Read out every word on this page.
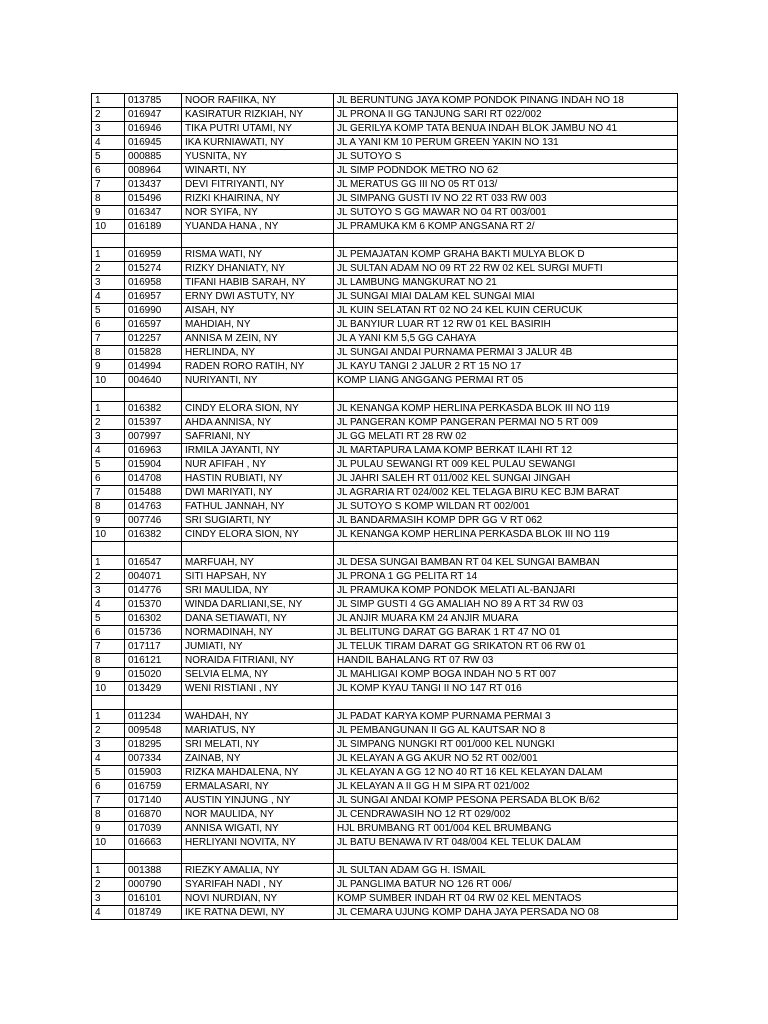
1	013785	NOOR RAFIIKA, NY	JL BERUNTUNG JAYA KOMP PONDOK PINANG INDAH NO 18
2	016947	KASIRATUR RIZKIAH, NY	JL PRONA II GG TANJUNG SARI RT 022/002
3	016946	TIKA PUTRI UTAMI, NY	JL GERILYA KOMP TATA BENUA INDAH BLOK JAMBU NO 41
4	016945	IKA KURNIAWATI, NY	JL A YANI KM 10 PERUM GREEN YAKIN NO 131
5	000885	YUSNITA, NY	JL SUTOYO S
6	008964	WINARTI, NY	JL SIMP PODNDOK METRO NO 62
7	013437	DEVI FITRIYANTI, NY	JL MERATUS GG III NO 05 RT 013/
8	015496	RIZKI KHAIRINA, NY	JL SIMPANG GUSTI IV NO 22 RT 033 RW 003
9	016347	NOR SYIFA, NY	JL SUTOYO S GG MAWAR NO 04 RT 003/001
10	016189	YUANDA HANA , NY	JL PRAMUKA KM 6 KOMP ANGSANA RT 2/

1	016959	RISMA WATI, NY	JL PEMAJATAN KOMP GRAHA BAKTI MULYA BLOK D
2	015274	RIZKY DHANIATY, NY	JL SULTAN ADAM NO 09 RT 22 RW 02 KEL SURGI MUFTI
3	016958	TIFANI HABIB SARAH, NY	JL LAMBUNG MANGKURAT NO 21
4	016957	ERNY DWI ASTUTY, NY	JL SUNGAI MIAI DALAM KEL SUNGAI MIAI
5	016990	AISAH, NY	JL KUIN SELATAN RT 02 NO 24 KEL KUIN CERUCUK
6	016597	MAHDIAH, NY	JL BANYIUR LUAR RT 12 RW 01 KEL BASIRIH
7	012257	ANNISA M ZEIN, NY	JL A YANI KM 5,5 GG CAHAYA
8	015828	HERLINDA, NY	JL SUNGAI ANDAI PURNAMA PERMAI 3 JALUR 4B
9	014994	RADEN RORO RATIH, NY	JL KAYU TANGI 2 JALUR 2 RT 15 NO 17
10	004640	NURIYANTI, NY	KOMP LIANG ANGGANG PERMAI RT 05

1	016382	CINDY ELORA SION, NY	JL KENANGA KOMP HERLINA PERKASDA BLOK III NO 119
2	015397	AHDA ANNISA, NY	JL PANGERAN KOMP PANGERAN PERMAI NO 5 RT 009
3	007997	SAFRIANI, NY	JL GG MELATI RT 28 RW 02
4	016963	IRMILA JAYANTI, NY	JL MARTAPURA LAMA KOMP BERKAT ILAHI RT 12
5	015904	NUR AFIFAH , NY	JL PULAU SEWANGI RT 009 KEL PULAU SEWANGI
6	014708	HASTIN RUBIATI, NY	JL JAHRI SALEH RT 011/002 KEL SUNGAI JINGAH
7	015488	DWI MARIYATI, NY	JL AGRARIA RT 024/002 KEL TELAGA BIRU KEC BJM BARAT
8	014763	FATHUL JANNAH, NY	JL SUTOYO S KOMP WILDAN RT 002/001
9	007746	SRI SUGIARTI, NY	JL BANDARMASIH KOMP DPR GG V RT 062
10	016382	CINDY ELORA SION, NY	JL KENANGA KOMP HERLINA PERKASDA BLOK III NO 119

1	016547	MARFUAH, NY	JL DESA SUNGAI BAMBAN RT 04 KEL SUNGAI BAMBAN
2	004071	SITI HAPSAH, NY	JL PRONA 1 GG PELITA RT 14
3	014776	SRI MAULIDA, NY	JL PRAMUKA KOMP PONDOK MELATI AL-BANJARI
4	015370	WINDA DARLIANI,SE, NY	JL SIMP GUSTI 4 GG AMALIAH NO 89 A RT 34 RW 03
5	016302	DANA SETIAWATI, NY	JL ANJIR MUARA KM 24 ANJIR MUARA
6	015736	NORMADINAH, NY	JL BELITUNG DARAT GG BARAK 1 RT 47 NO 01
7	017117	JUMIATI, NY	JL TELUK TIRAM DARAT GG SRIKATON RT 06 RW 01
8	016121	NORAIDA FITRIANI, NY	HANDIL BAHALANG RT 07 RW 03
9	015020	SELVIA ELMA, NY	JL MAHLIGAI KOMP BOGA INDAH NO 5 RT 007
10	013429	WENI RISTIANI , NY	JL KOMP KYAU TANGI II NO 147 RT 016

1	011234	WAHDAH, NY	JL PADAT KARYA KOMP PURNAMA PERMAI 3
2	009548	MARIATUS, NY	JL PEMBANGUNAN II GG AL KAUTSAR NO 8
3	018295	SRI MELATI, NY	JL SIMPANG NUNGKI RT 001/000 KEL NUNGKI
4	007334	ZAINAB, NY	JL KELAYAN A GG AKUR NO 52 RT 002/001
5	015903	RIZKA MAHDALENA, NY	JL KELAYAN A GG 12 NO 40 RT 16 KEL KELAYAN DALAM
6	016759	ERMALASARI, NY	JL KELAYAN A II GG H M SIPA RT 021/002
7	017140	AUSTIN YINJUNG , NY	JL SUNGAI ANDAI KOMP PESONA PERSADA BLOK B/62
8	016870	NOR MAULIDA, NY	JL CENDRAWASIH NO 12 RT 029/002
9	017039	ANNISA WIGATI, NY	HJL BRUMBANG RT 001/004 KEL BRUMBANG
10	016663	HERLIYANI NOVITA, NY	JL BATU BENAWA IV RT 048/004 KEL TELUK DALAM

1	001388	RIEZKY AMALIA, NY	JL SULTAN ADAM GG H. ISMAIL
2	000790	SYARIFAH NADI , NY	JL PANGLIMA BATUR NO 126 RT 006/
3	016101	NOVI NURDIAN, NY	KOMP SUMBER INDAH RT 04 RW 02 KEL MENTAOS
4	018749	IKE RATNA DEWI, NY	JL CEMARA UJUNG KOMP DAHA JAYA PERSADA NO 08
